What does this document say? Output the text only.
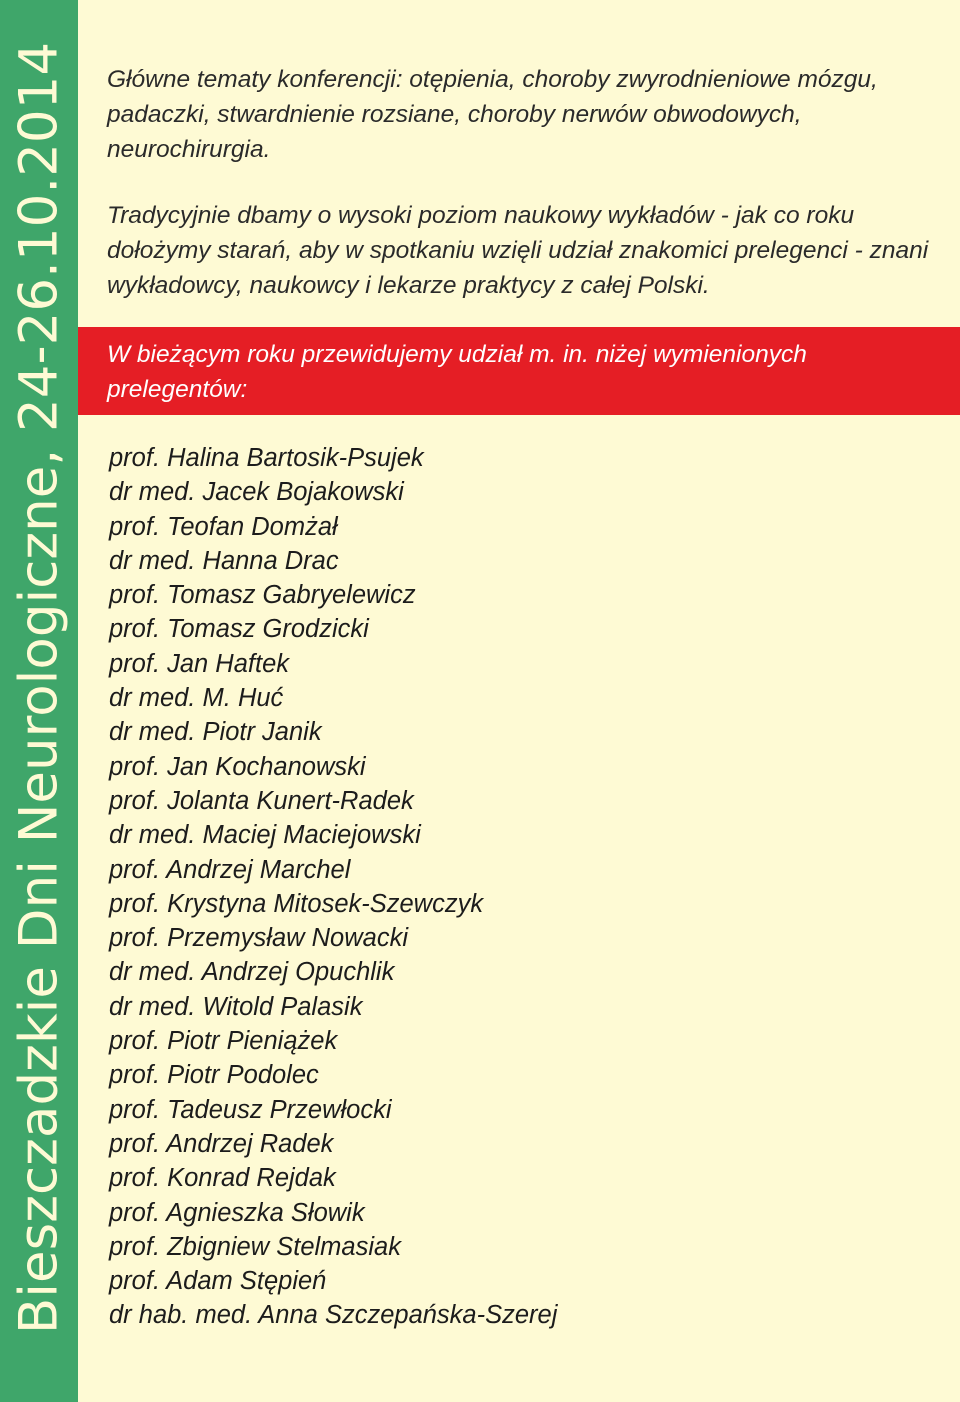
Bieszczadzkie Dni Neurologiczne, 24-26.10.2014 Główne tematy konferencji: otępienia, choroby zwyrodnieniowe mózgu, padaczki, stwardnienie rozsiane, choroby nerwów obwodowych, neurochirurgia.

Tradycyjnie dbamy o wysoki poziom naukowy wykładów - jak co roku dołożymy starań, aby w spotkaniu wzięli udział znakomici prelegenci - znani wykładowcy, naukowcy i lekarze praktycy z całej Polski.

W bieżącym roku przewidujemy udział m. in. niżej wymienionych prelegentów:

prof. Halina Bartosik-Psujek
dr med. Jacek Bojakowski
prof. Teofan Domżał
dr med. Hanna Drac
prof. Tomasz Gabryelewicz
prof. Tomasz Grodzicki
prof. Jan Haftek
dr med. M. Huć
dr med. Piotr Janik
prof. Jan Kochanowski
prof. Jolanta Kunert-Radek
dr med. Maciej Maciejowski
prof. Andrzej Marchel
prof. Krystyna Mitosek-Szewczyk
prof. Przemysław Nowacki
dr med. Andrzej Opuchlik
dr med. Witold Palasik
prof. Piotr Pieniążek
prof. Piotr Podolec
prof. Tadeusz Przewłocki
prof. Andrzej Radek
prof. Konrad Rejdak
prof. Agnieszka Słowik
prof. Zbigniew Stelmasiak
prof. Adam Stępień
dr hab. med. Anna Szczepańska-Szerej
